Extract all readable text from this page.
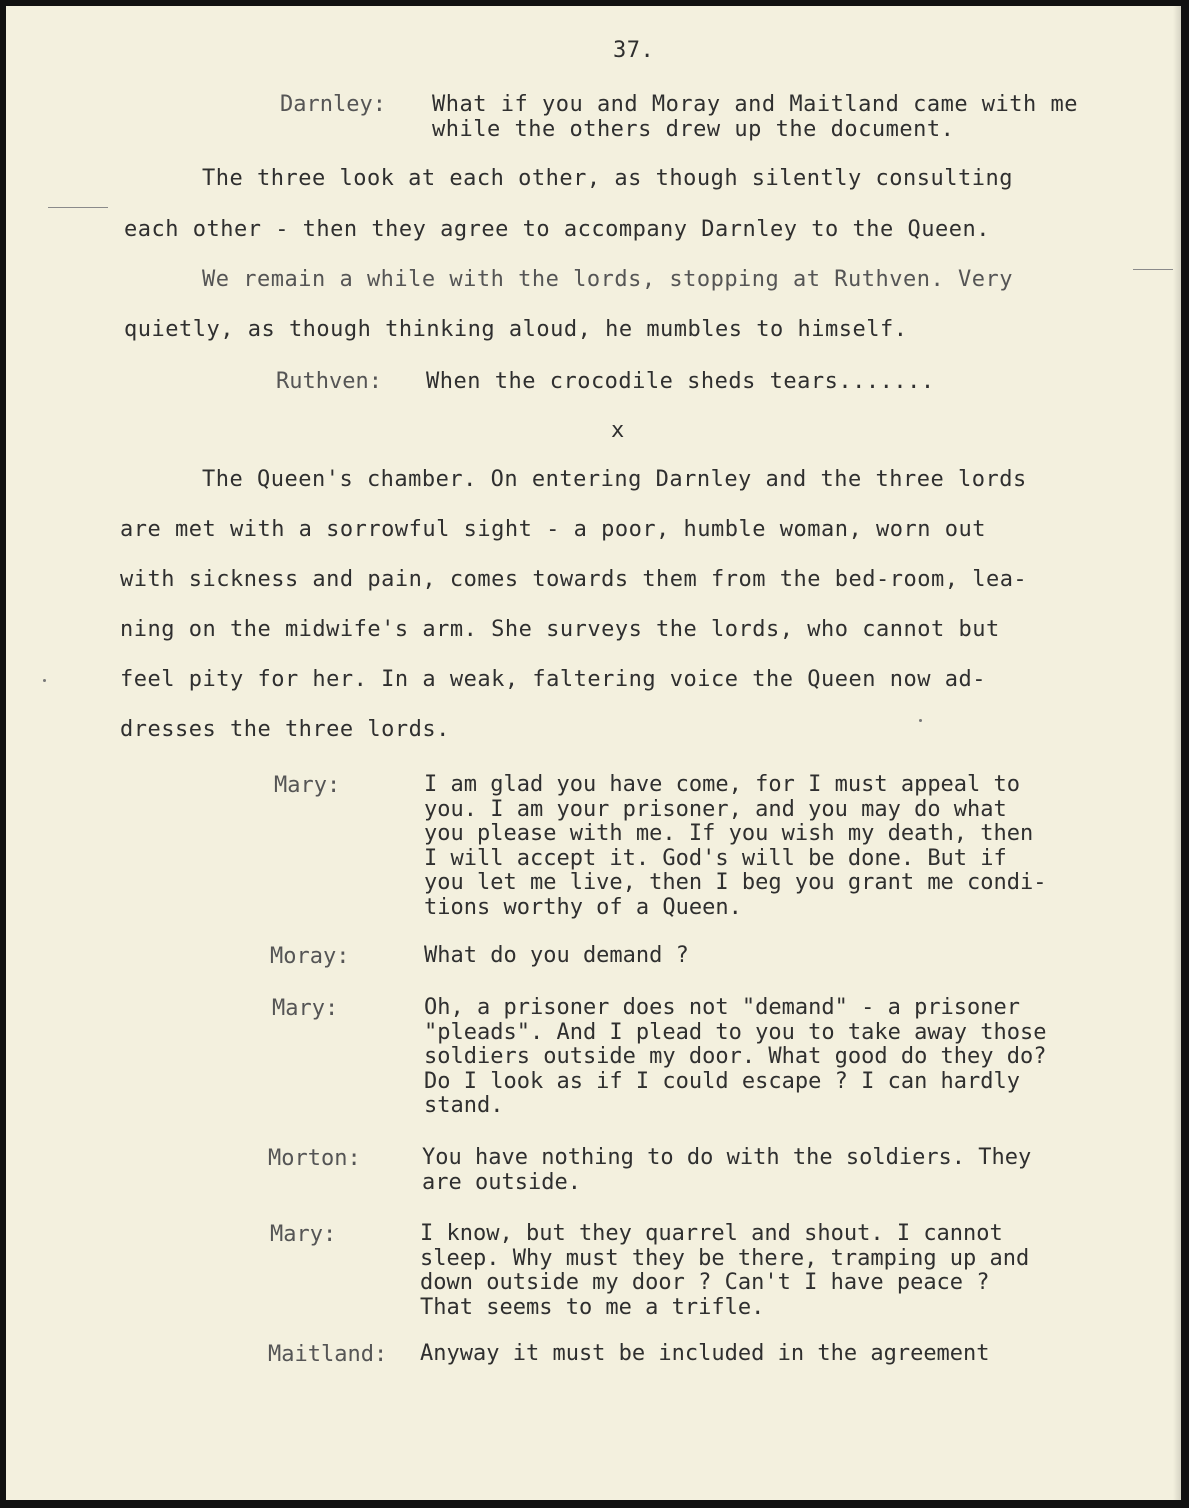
37.
Darnley: What if you and Moray and Maitland came with me
while the others drew up the document.
The three look at each other, as though silently consulting
each other - then they agree to accompany Darnley to the Queen.
We remain a while with the lords, stopping at Ruthven. Very
quietly, as though thinking aloud, he mumbles to himself.
Ruthven: When the crocodile sheds tears.......
x
The Queen's chamber. On entering Darnley and the three lords
are met with a sorrowful sight - a poor, humble woman, worn out
with sickness and pain, comes towards them from the bed-room, lea-
ning on the midwife's arm. She surveys the lords, who cannot but
feel pity for her. In a weak, faltering voice the Queen now ad-
dresses the three lords.
Mary:	I am glad you have come, for I must appeal to
you. I am your prisoner, and you may do what
you please with me. If you wish my death, then
I will accept it. God's will be done. But if
you let me live, then I beg you grant me condi-
tions worthy of a Queen.
Moray:	What do you demand ?
Mary:	Oh, a prisoner does not "demand" - a prisoner
"pleads". And I plead to you to take away those
soldiers outside my door. What good do they do?
Do I look as if I could escape ? I can hardly
stand.
Morton:	You have nothing to do with the soldiers. They
are outside.
Mary:	I know, but they quarrel and shout. I cannot
sleep. Why must they be there, tramping up and
down outside my door ? Can't I have peace ?
That seems to me a trifle.
Maitland: Anyway it must be included in the agreement
